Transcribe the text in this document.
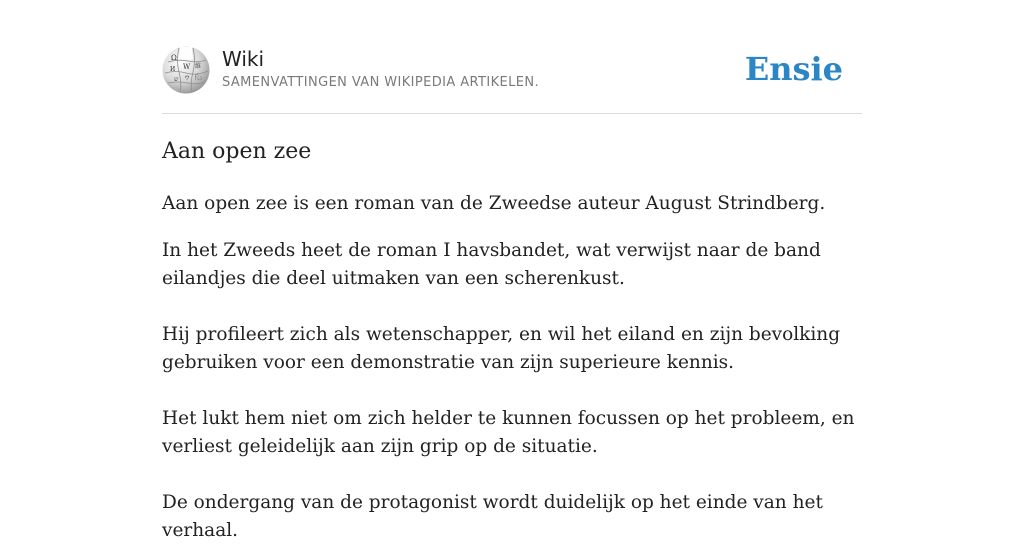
Ω
W
И	維
ש ウ ি
Wiki
SAMENVATTINGEN VAN WIKIPEDIA ARTIKELEN.	Ensie
Aan open zee

Aan open zee is een roman van de Zweedse auteur August Strindberg.

In het Zweeds heet de roman I havsbandet, wat verwijst naar de band eilandjes die deel uitmaken van een scherenkust.

Hij profileert zich als wetenschapper, en wil het eiland en zijn bevolking gebruiken voor een demonstratie van zijn superieure kennis.

Het lukt hem niet om zich helder te kunnen focussen op het probleem, en verliest geleidelijk aan zijn grip op de situatie.

De ondergang van de protagonist wordt duidelijk op het einde van het verhaal.
